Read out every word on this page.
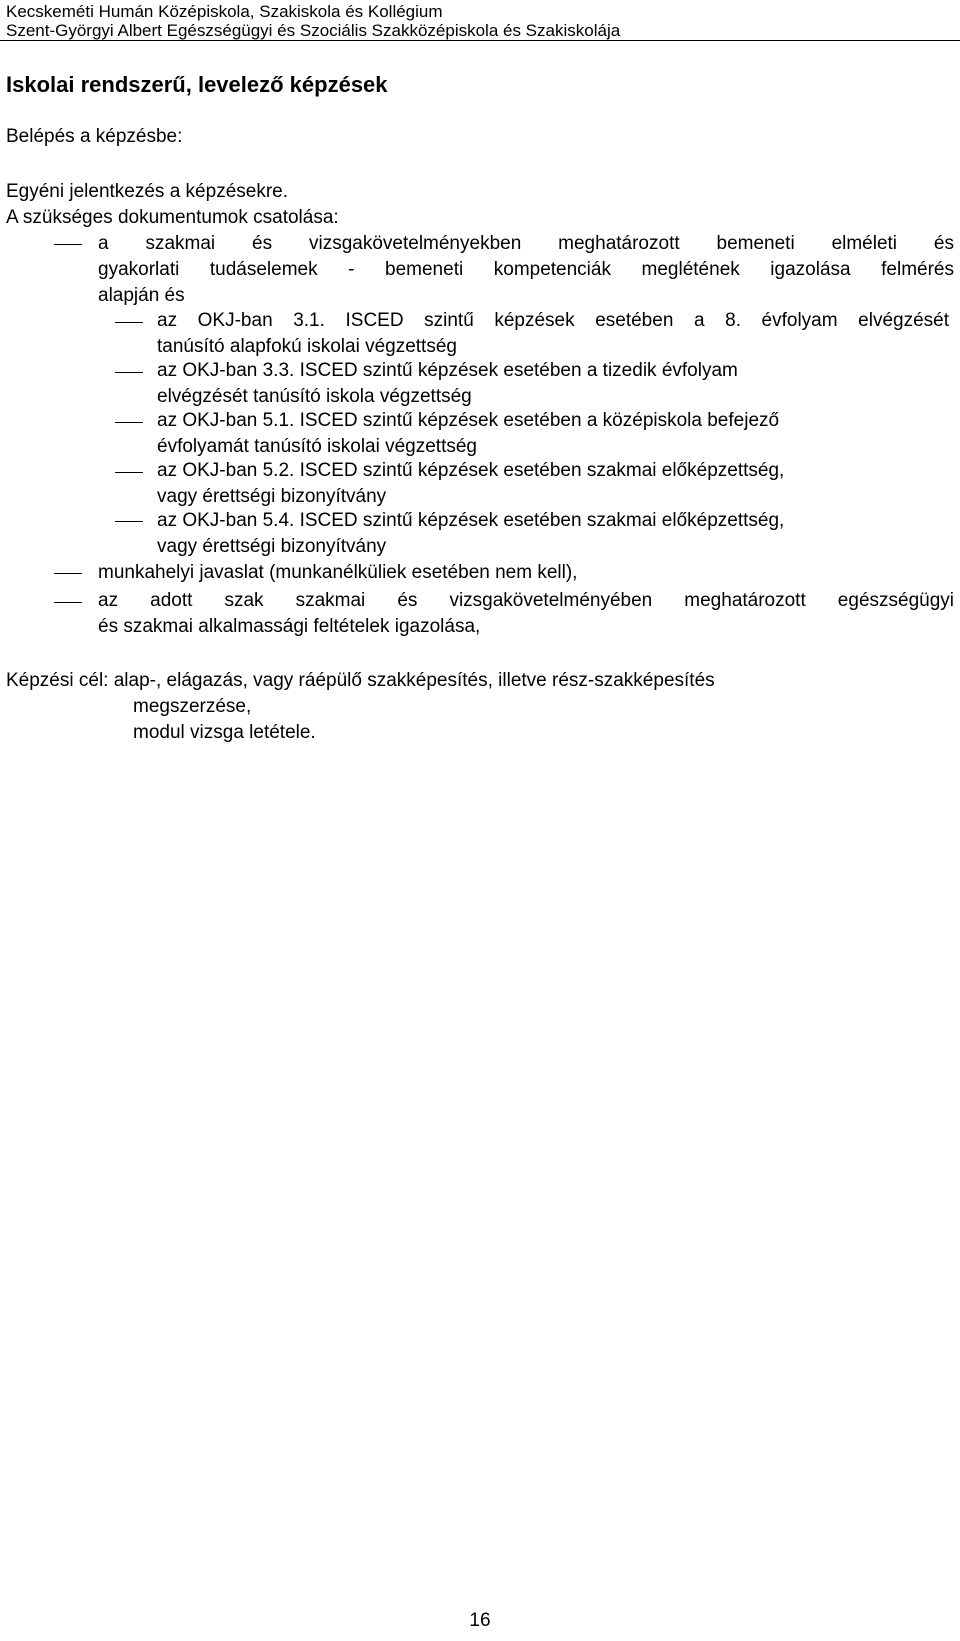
Kecskeméti Humán Középiskola, Szakiskola és Kollégium
Szent-Györgyi Albert Egészségügyi és Szociális Szakközépiskola és Szakiskolája
Iskolai rendszerű, levelező képzések
Belépés a képzésbe:
Egyéni jelentkezés a képzésekre.
A szükséges dokumentumok csatolása:
a szakmai és vizsgakövetelményekben meghatározott bemeneti elméleti és
gyakorlati tudáselemek - bemeneti kompetenciák meglétének igazolása felmérés
alapján és
az OKJ-ban 3.1. ISCED szintű képzések esetében a 8. évfolyam elvégzését
tanúsító alapfokú iskolai végzettség
az OKJ-ban 3.3. ISCED szintű képzések esetében a tizedik évfolyam
elvégzését tanúsító iskola végzettség
az OKJ-ban 5.1. ISCED szintű képzések esetében a középiskola befejező
évfolyamát tanúsító iskolai végzettség
az OKJ-ban 5.2. ISCED szintű képzések esetében szakmai előképzettség,
vagy érettségi bizonyítvány
az OKJ-ban 5.4. ISCED szintű képzések esetében szakmai előképzettség,
vagy érettségi bizonyítvány
munkahelyi javaslat (munkanélküliek esetében nem kell),
az adott szak szakmai és vizsgakövetelményében meghatározott egészségügyi
és szakmai alkalmassági feltételek igazolása,
Képzési cél: alap-, elágazás, vagy ráépülő szakképesítés, illetve rész-szakképesítés
megszerzése,
modul vizsga letétele.
16
